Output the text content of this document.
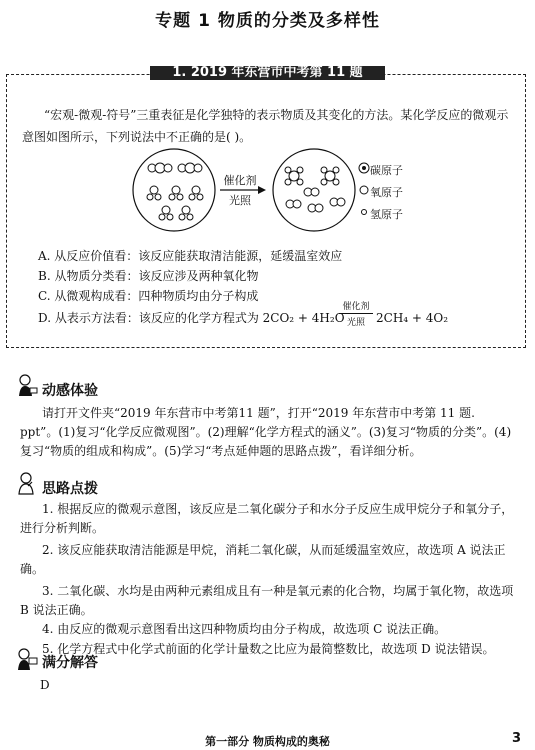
专题 1 物质的分类及多样性
1. 2019 年东营市中考第 11 题
“宏观-微观-符号”三重表征是化学独特的表示物质及其变化的方法。某化学反应的微观示意图如图所示，下列说法中不正确的是( )。
催化剂
光照
碳原子
氧原子
氢原子
A. 从反应价值看：该反应能获取清洁能源，延缓温室效应
B. 从物质分类看：该反应涉及两种氧化物
C. 从微观构成看：四种物质均由分子构成
D. 从表示方法看：该反应的化学方程式为 2CO₂ + 4H₂O
催化剂
光照 2CH₄ + 4O₂
动感体验
请打开文件夹“2019 年东营市中考第11 题”，打开“2019 年东营市中考第 11 题. ppt”。(1)复习“化学反应微观图”。(2)理解“化学方程式的涵义”。(3)复习“物质的分类”。(4)复习“物质的组成和构成”。(5)学习“考点延伸题的思路点拨”，看详细分析。
思路点拨
1. 根据反应的微观示意图，该反应是二氧化碳分子和水分子反应生成甲烷分子和氧分子，进行分析判断。
2. 该反应能获取清洁能源是甲烷，消耗二氧化碳，从而延缓温室效应，故选项 A 说法正确。
3. 二氧化碳、水均是由两种元素组成且有一种是氧元素的化合物，均属于氧化物，故选项 B 说法正确。
4. 由反应的微观示意图看出这四种物质均由分子构成，故选项 C 说法正确。
5. 化学方程式中化学式前面的化学计量数之比应为最简整数比，故选项 D 说法错误。
满分解答
D
第一部分 物质构成的奥秘	3
